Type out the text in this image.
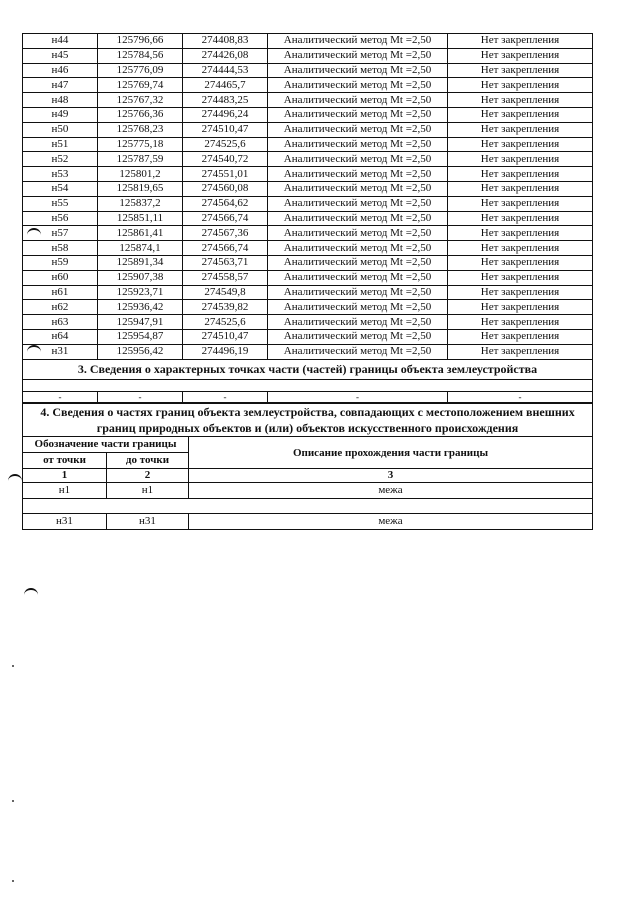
н44	125796,66	274408,83	Аналитический метод Mt =2,50	Нет закрепления
н45	125784,56	274426,08	Аналитический метод Mt =2,50	Нет закрепления
н46	125776,09	274444,53	Аналитический метод Mt =2,50	Нет закрепления
н47	125769,74	274465,7	Аналитический метод Mt =2,50	Нет закрепления
н48	125767,32	274483,25	Аналитический метод Mt =2,50	Нет закрепления
н49	125766,36	274496,24	Аналитический метод Mt =2,50	Нет закрепления
н50	125768,23	274510,47	Аналитический метод Mt =2,50	Нет закрепления
н51	125775,18	274525,6	Аналитический метод Mt =2,50	Нет закрепления
н52	125787,59	274540,72	Аналитический метод Mt =2,50	Нет закрепления
н53	125801,2	274551,01	Аналитический метод Mt =2,50	Нет закрепления
н54	125819,65	274560,08	Аналитический метод Mt =2,50	Нет закрепления
н55	125837,2	274564,62	Аналитический метод Mt =2,50	Нет закрепления
н56	125851,11	274566,74	Аналитический метод Mt =2,50	Нет закрепления
н57	125861,41	274567,36	Аналитический метод Mt =2,50	Нет закрепления
н58	125874,1	274566,74	Аналитический метод Mt =2,50	Нет закрепления
н59	125891,34	274563,71	Аналитический метод Mt =2,50	Нет закрепления
н60	125907,38	274558,57	Аналитический метод Mt =2,50	Нет закрепления
н61	125923,71	274549,8	Аналитический метод Mt =2,50	Нет закрепления
н62	125936,42	274539,82	Аналитический метод Mt =2,50	Нет закрепления
н63	125947,91	274525,6	Аналитический метод Mt =2,50	Нет закрепления
н64	125954,87	274510,47	Аналитический метод Mt =2,50	Нет закрепления
н31	125956,42	274496,19	Аналитический метод Mt =2,50	Нет закрепления
3. Сведения о характерных точках части (частей) границы объекта землеустройства				

-	-	-	-	-
4. Сведения о частях границ объекта землеустройства, совпадающих с местоположением внешних границ природных объектов и (или) объектов искусственного происхождения		
Обозначение части границы		Описание прохождения части границы
от точки	до точки	
1	2	3
н1	н1	межа

н31	н31	межа
